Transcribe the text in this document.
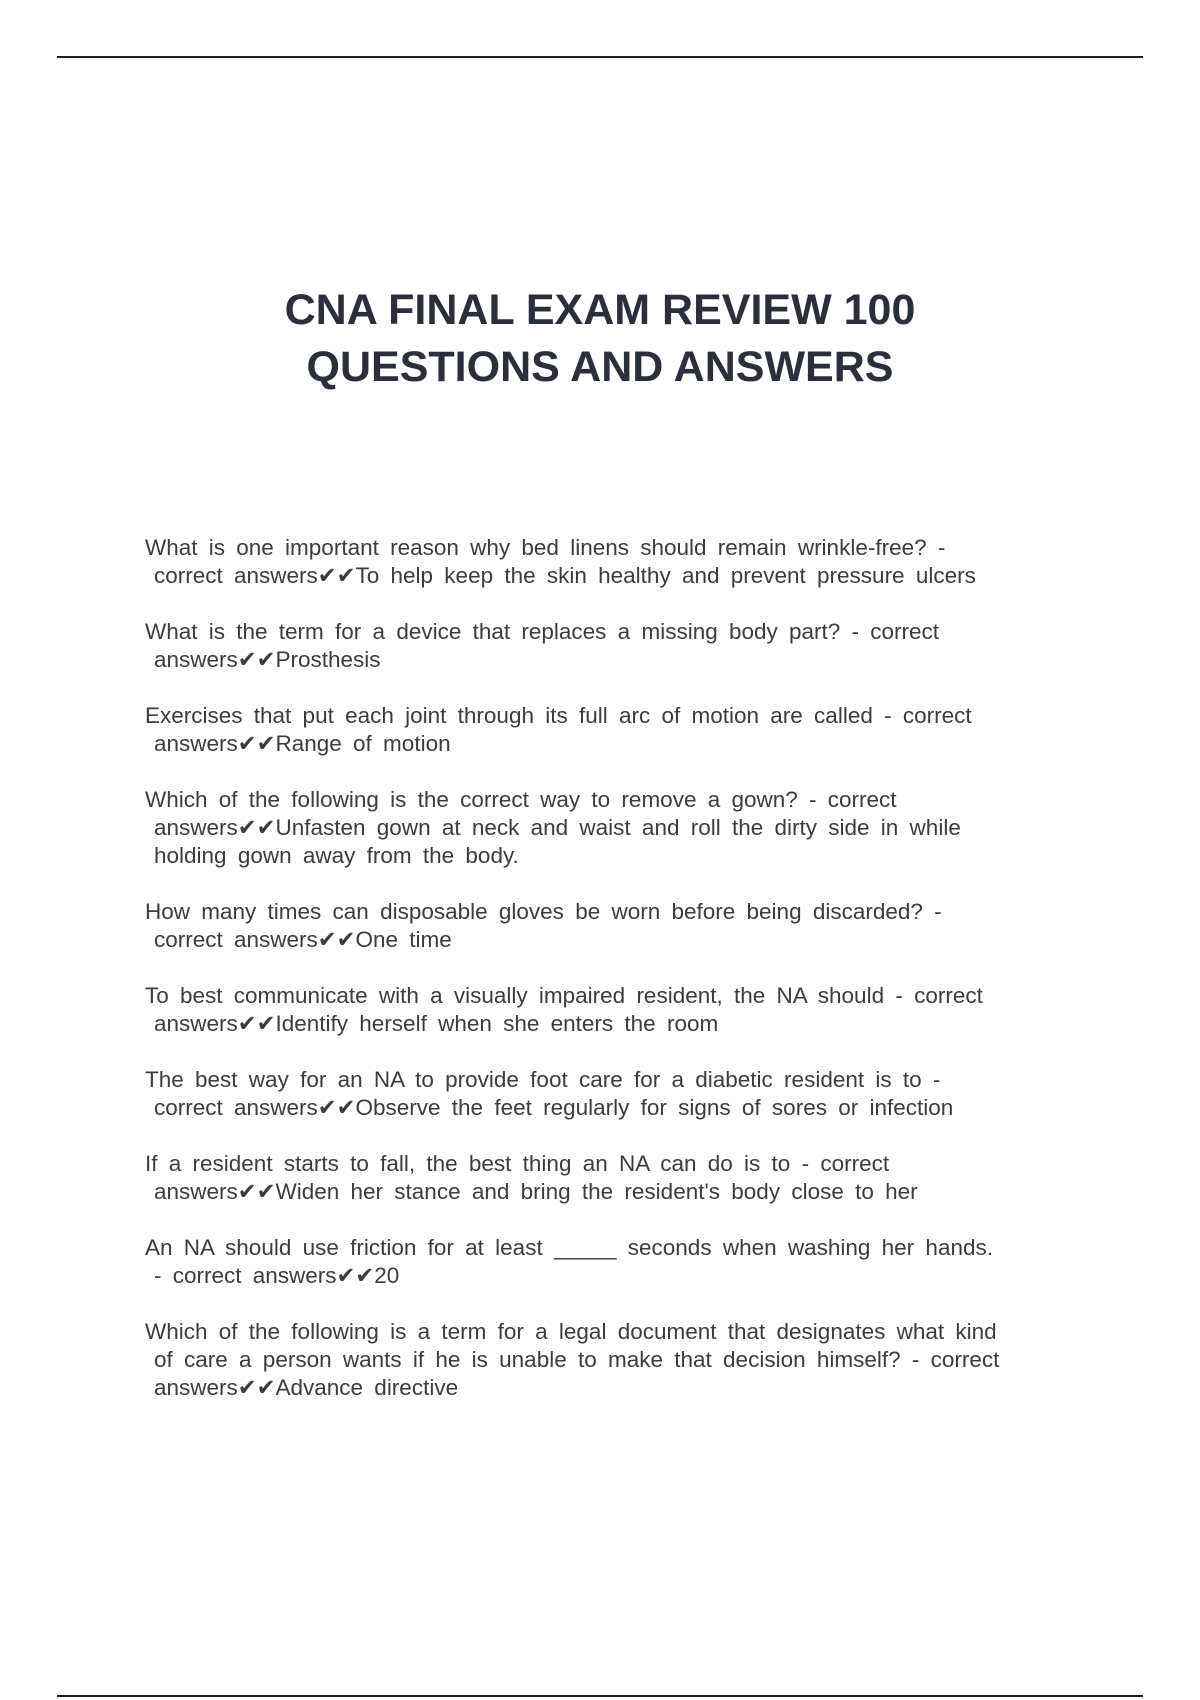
CNA FINAL EXAM REVIEW 100
QUESTIONS AND ANSWERS
What is one important reason why bed linens should remain wrinkle-free? -
correct answers✔✔To help keep the skin healthy and prevent pressure ulcers
What is the term for a device that replaces a missing body part? - correct
answers✔✔Prosthesis
Exercises that put each joint through its full arc of motion are called - correct
answers✔✔Range of motion
Which of the following is the correct way to remove a gown? - correct
answers✔✔Unfasten gown at neck and waist and roll the dirty side in while
holding gown away from the body.
How many times can disposable gloves be worn before being discarded? -
correct answers✔✔One time
To best communicate with a visually impaired resident, the NA should - correct
answers✔✔Identify herself when she enters the room
The best way for an NA to provide foot care for a diabetic resident is to -
correct answers✔✔Observe the feet regularly for signs of sores or infection
If a resident starts to fall, the best thing an NA can do is to - correct
answers✔✔Widen her stance and bring the resident's body close to her
An NA should use friction for at least _____ seconds when washing her hands.
- correct answers✔✔20
Which of the following is a term for a legal document that designates what kind
of care a person wants if he is unable to make that decision himself? - correct
answers✔✔Advance directive
